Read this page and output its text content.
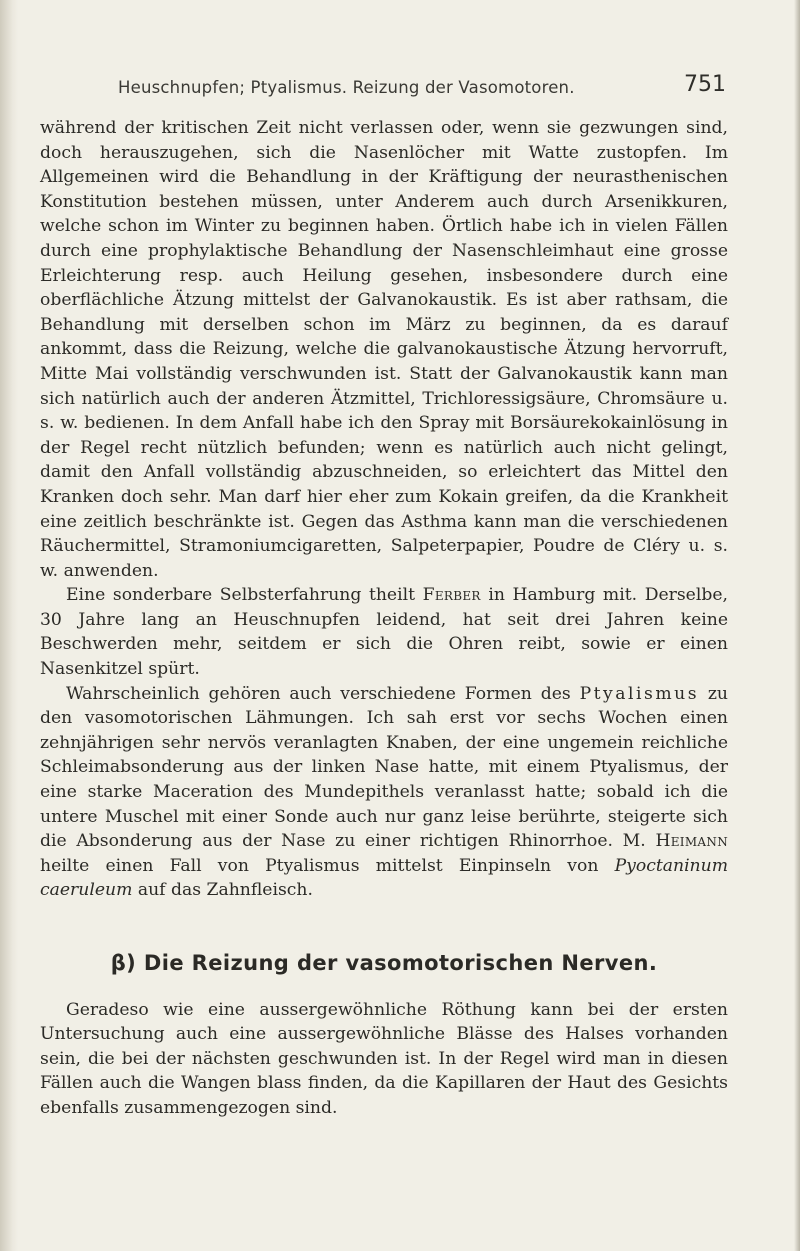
Heuschnupfen; Ptyalismus. Reizung der Vasomotoren.	751

während der kritischen Zeit nicht verlassen oder, wenn sie gezwungen sind, doch herauszugehen, sich die Nasenlöcher mit Watte zustopfen. Im Allgemeinen wird die Behandlung in der Kräftigung der neurasthenischen Konstitution bestehen müssen, unter Anderem auch durch Arsenikkuren, welche schon im Winter zu beginnen haben. Örtlich habe ich in vielen Fällen durch eine prophylaktische Behandlung der Nasenschleimhaut eine grosse Erleichterung resp. auch Heilung gesehen, insbesondere durch eine oberflächliche Ätzung mittelst der Galvanokaustik. Es ist aber rathsam, die Behandlung mit derselben schon im März zu beginnen, da es darauf ankommt, dass die Reizung, welche die galvanokaustische Ätzung hervorruft, Mitte Mai vollständig verschwunden ist. Statt der Galvanokaustik kann man sich natürlich auch der anderen Ätzmittel, Trichloressigsäure, Chromsäure u. s. w. bedienen. In dem Anfall habe ich den Spray mit Borsäurekokainlösung in der Regel recht nützlich befunden; wenn es natürlich auch nicht gelingt, damit den Anfall vollständig abzuschneiden, so erleichtert das Mittel den Kranken doch sehr. Man darf hier eher zum Kokain greifen, da die Krankheit eine zeitlich beschränkte ist. Gegen das Asthma kann man die verschiedenen Räuchermittel, Stramoniumcigaretten, Salpeterpapier, Poudre de Cléry u. s. w. anwenden.

Eine sonderbare Selbsterfahrung theilt Ferber in Hamburg mit. Derselbe, 30 Jahre lang an Heuschnupfen leidend, hat seit drei Jahren keine Beschwerden mehr, seitdem er sich die Ohren reibt, sowie er einen Nasenkitzel spürt.

Wahrscheinlich gehören auch verschiedene Formen des Ptyalismus zu den vasomotorischen Lähmungen. Ich sah erst vor sechs Wochen einen zehnjährigen sehr nervös veranlagten Knaben, der eine ungemein reichliche Schleimabsonderung aus der linken Nase hatte, mit einem Ptyalismus, der eine starke Maceration des Mundepithels veranlasst hatte; sobald ich die untere Muschel mit einer Sonde auch nur ganz leise berührte, steigerte sich die Absonderung aus der Nase zu einer richtigen Rhinorrhoe. M. Heimann heilte einen Fall von Ptyalismus mittelst Einpinseln von Pyoctaninum caeruleum auf das Zahnfleisch.

β) Die Reizung der vasomotorischen Nerven.

Geradeso wie eine aussergewöhnliche Röthung kann bei der ersten Untersuchung auch eine aussergewöhnliche Blässe des Halses vorhanden sein, die bei der nächsten geschwunden ist. In der Regel wird man in diesen Fällen auch die Wangen blass finden, da die Kapillaren der Haut des Gesichts ebenfalls zusammengezogen sind.
